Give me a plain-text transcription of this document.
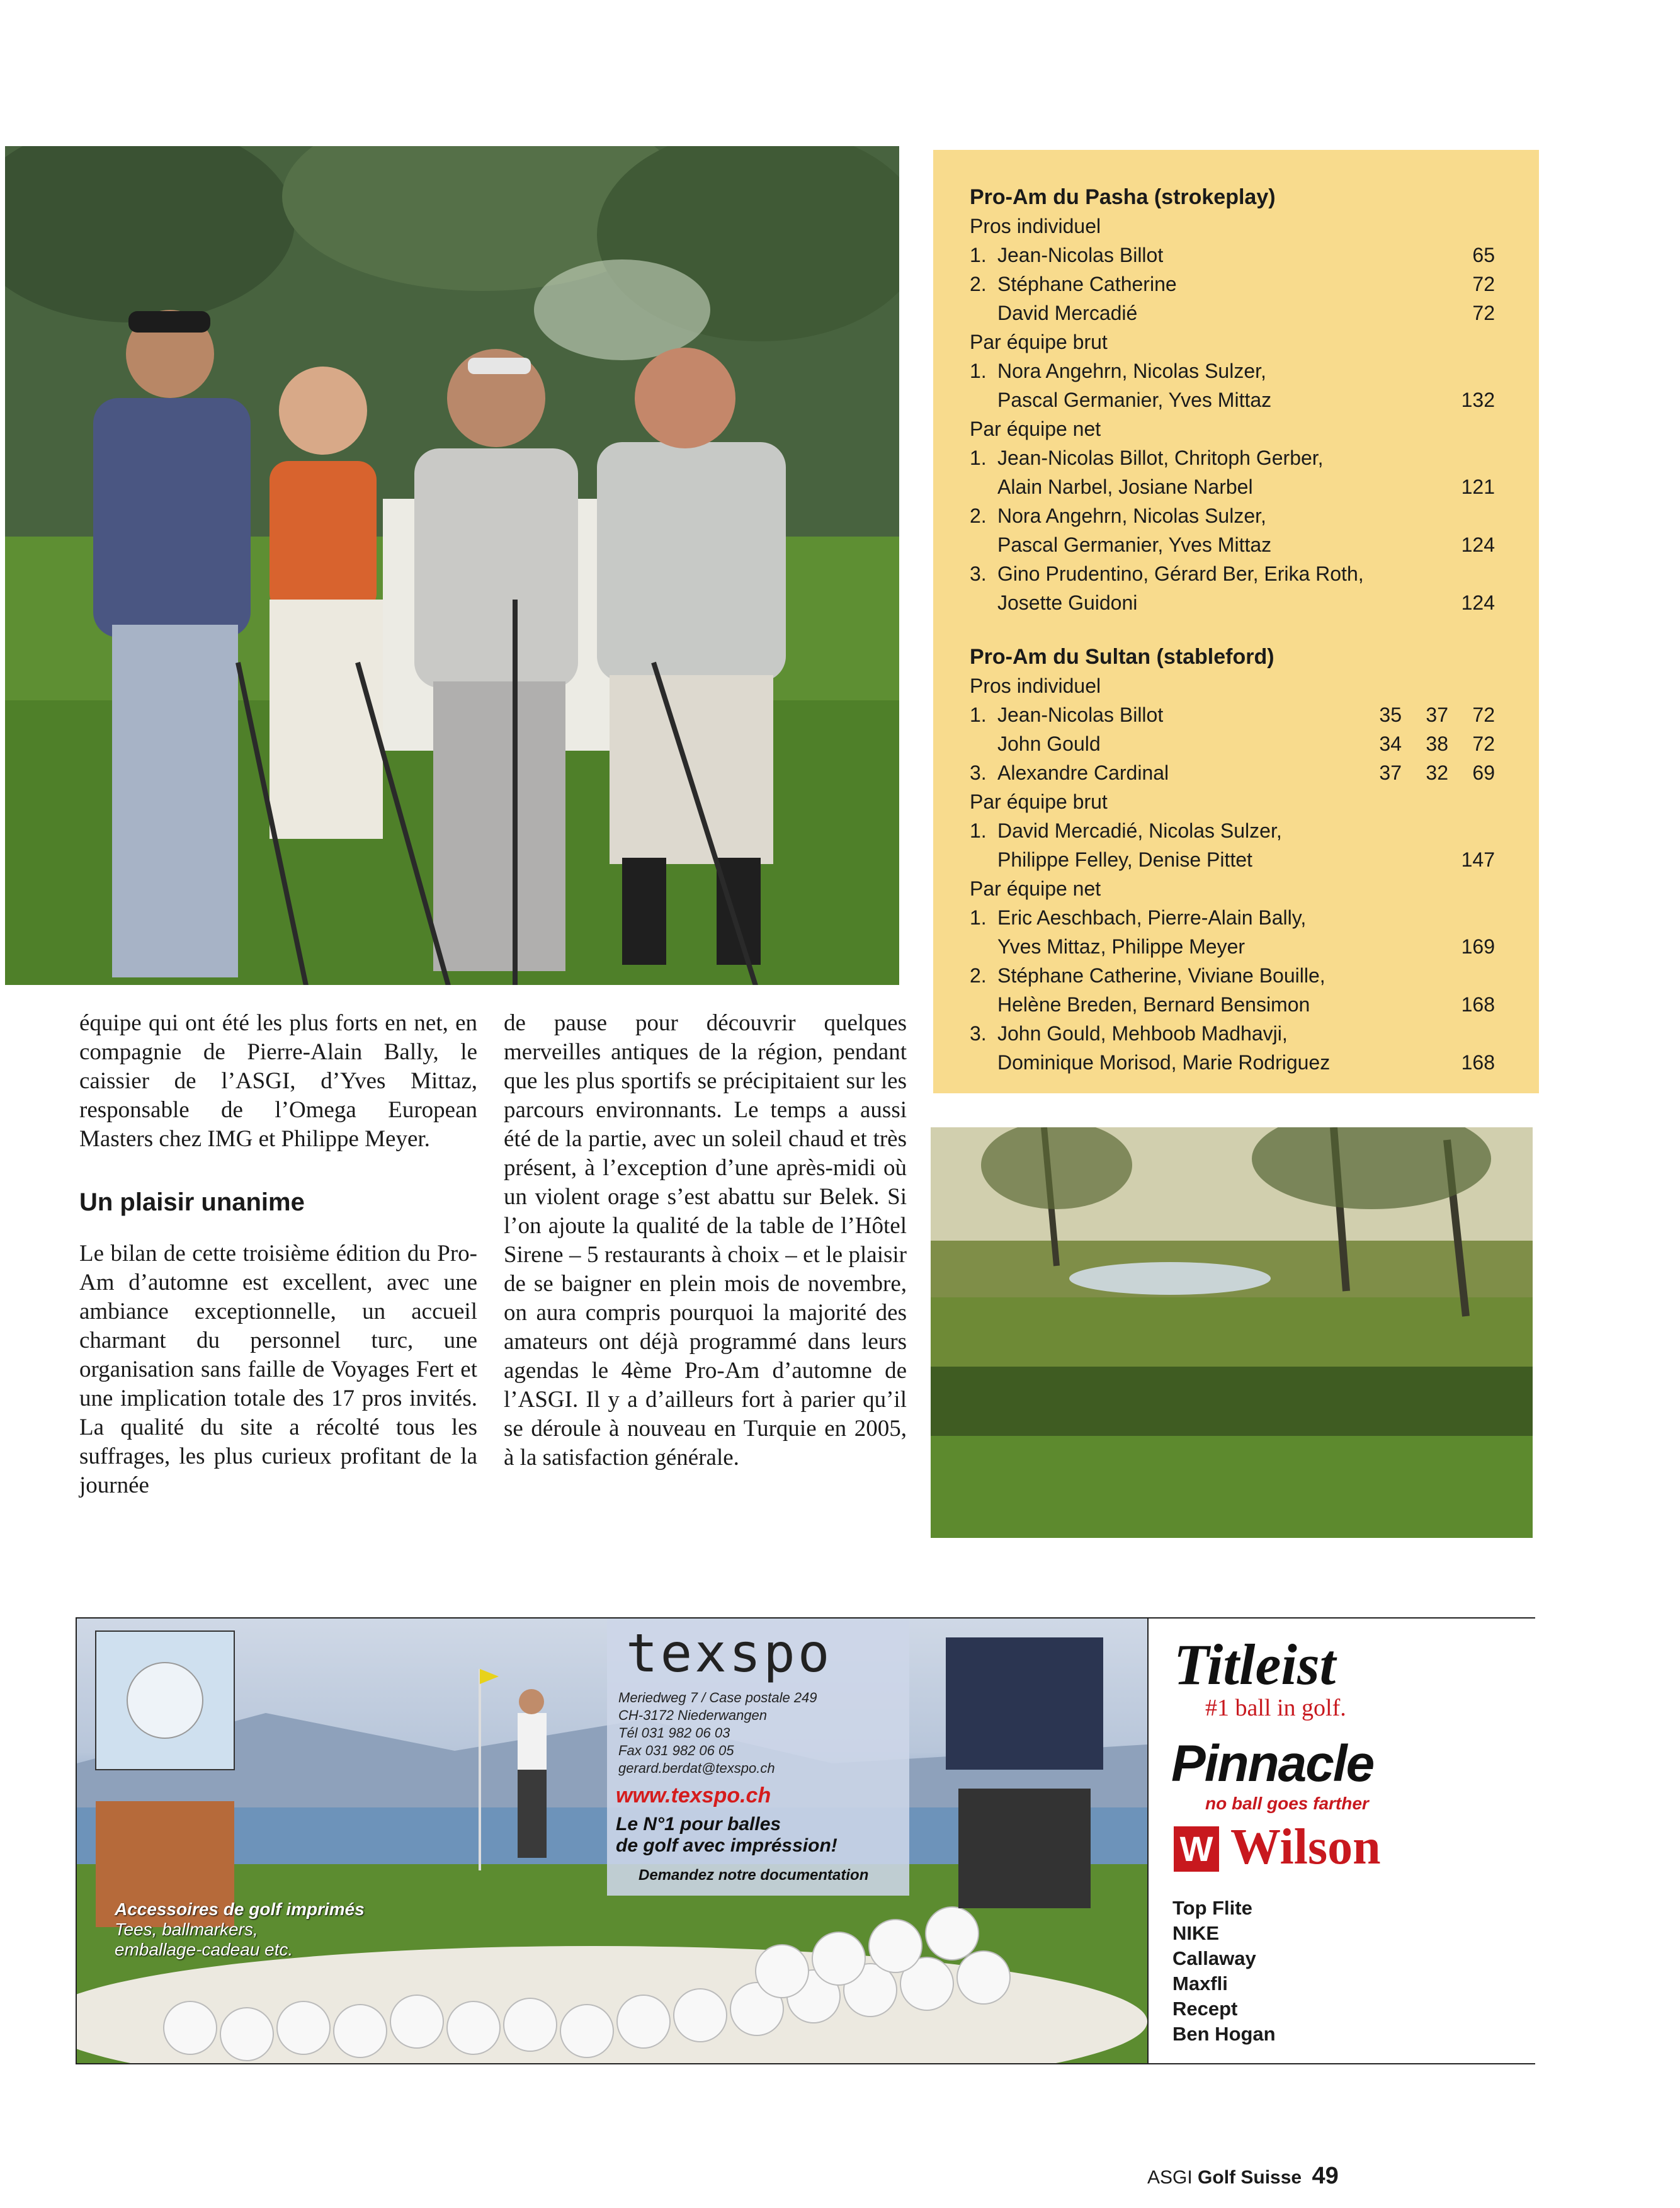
Pro-Am du Pasha (strokeplay)
Pros individuel
1. Jean-Nicolas Billot	65
2. Stéphane Catherine	72
David Mercadié	72
Par équipe brut
1. Nora Angehrn, Nicolas Sulzer,
Pascal Germanier, Yves Mittaz	132
Par équipe net
1. Jean-Nicolas Billot, Chritoph Gerber,
Alain Narbel, Josiane Narbel	121
2. Nora Angehrn, Nicolas Sulzer,
Pascal Germanier, Yves Mittaz	124
3. Gino Prudentino, Gérard Ber, Erika Roth,
Josette Guidoni	124
Pro-Am du Sultan (stableford)
Pros individuel
1. Jean-Nicolas Billot	35 37 72
John Gould	34 38 72
3. Alexandre Cardinal	37 32 69
Par équipe brut
1. David Mercadié, Nicolas Sulzer,
Philippe Felley, Denise Pittet	147
Par équipe net
1. Eric Aeschbach, Pierre-Alain Bally,
Yves Mittaz, Philippe Meyer	169
2. Stéphane Catherine, Viviane Bouille,
Helène Breden, Bernard Bensimon	168
3. John Gould, Mehboob Madhavji,
Dominique Morisod, Marie Rodriguez	168

équipe qui ont été les plus forts en net, en compagnie de Pierre-Alain Bally, le caissier de l’ASGI, d’Yves Mittaz, responsable de l’Omega European Masters chez IMG et Philippe Meyer.

Un plaisir unanime

Le bilan de cette troisième édition du Pro-Am d’automne est excellent, avec une ambiance exceptionnelle, un accueil charmant du personnel turc, une organisation sans faille de Voyages Fert et une implication totale des 17 pros invités. La qualité du site a récolté tous les suffrages, les plus curieux profitant de la journée

de pause pour découvrir quelques merveilles antiques de la région, pendant que les plus sportifs se précipitaient sur les parcours environnants. Le temps a aussi été de la partie, avec un soleil chaud et très présent, à l’exception d’une après-midi où un violent orage s’est abattu sur Belek. Si l’on ajoute la qualité de la table de l’Hôtel Sirene – 5 restaurants à choix – et le plaisir de se baigner en plein mois de novembre, on aura compris pourquoi la majorité des amateurs ont déjà programmé dans leurs agendas le 4ème Pro-Am d’automne de l’ASGI. Il y a d’ailleurs fort à parier qu’il se déroule à nouveau en Turquie en 2005, à la satisfaction générale.

texspo
Meriedweg 7 / Case postale 249
CH-3172 Niederwangen
Tél 031 982 06 03
Fax 031 982 06 05
gerard.berdat@texspo.ch
www.texspo.ch
Le N°1 pour balles
de golf avec impréssion!
Demandez notre documentation
Accessoires de golf imprimés
Tees, ballmarkers,
emballage-cadeau etc.
Titleist
#1 ball in golf.
Pinnacle
no ball goes farther
W Wilson
Top Flite
NIKE
Callaway
Maxfli
Recept
Ben Hogan
ASGI Golf Suisse 49
